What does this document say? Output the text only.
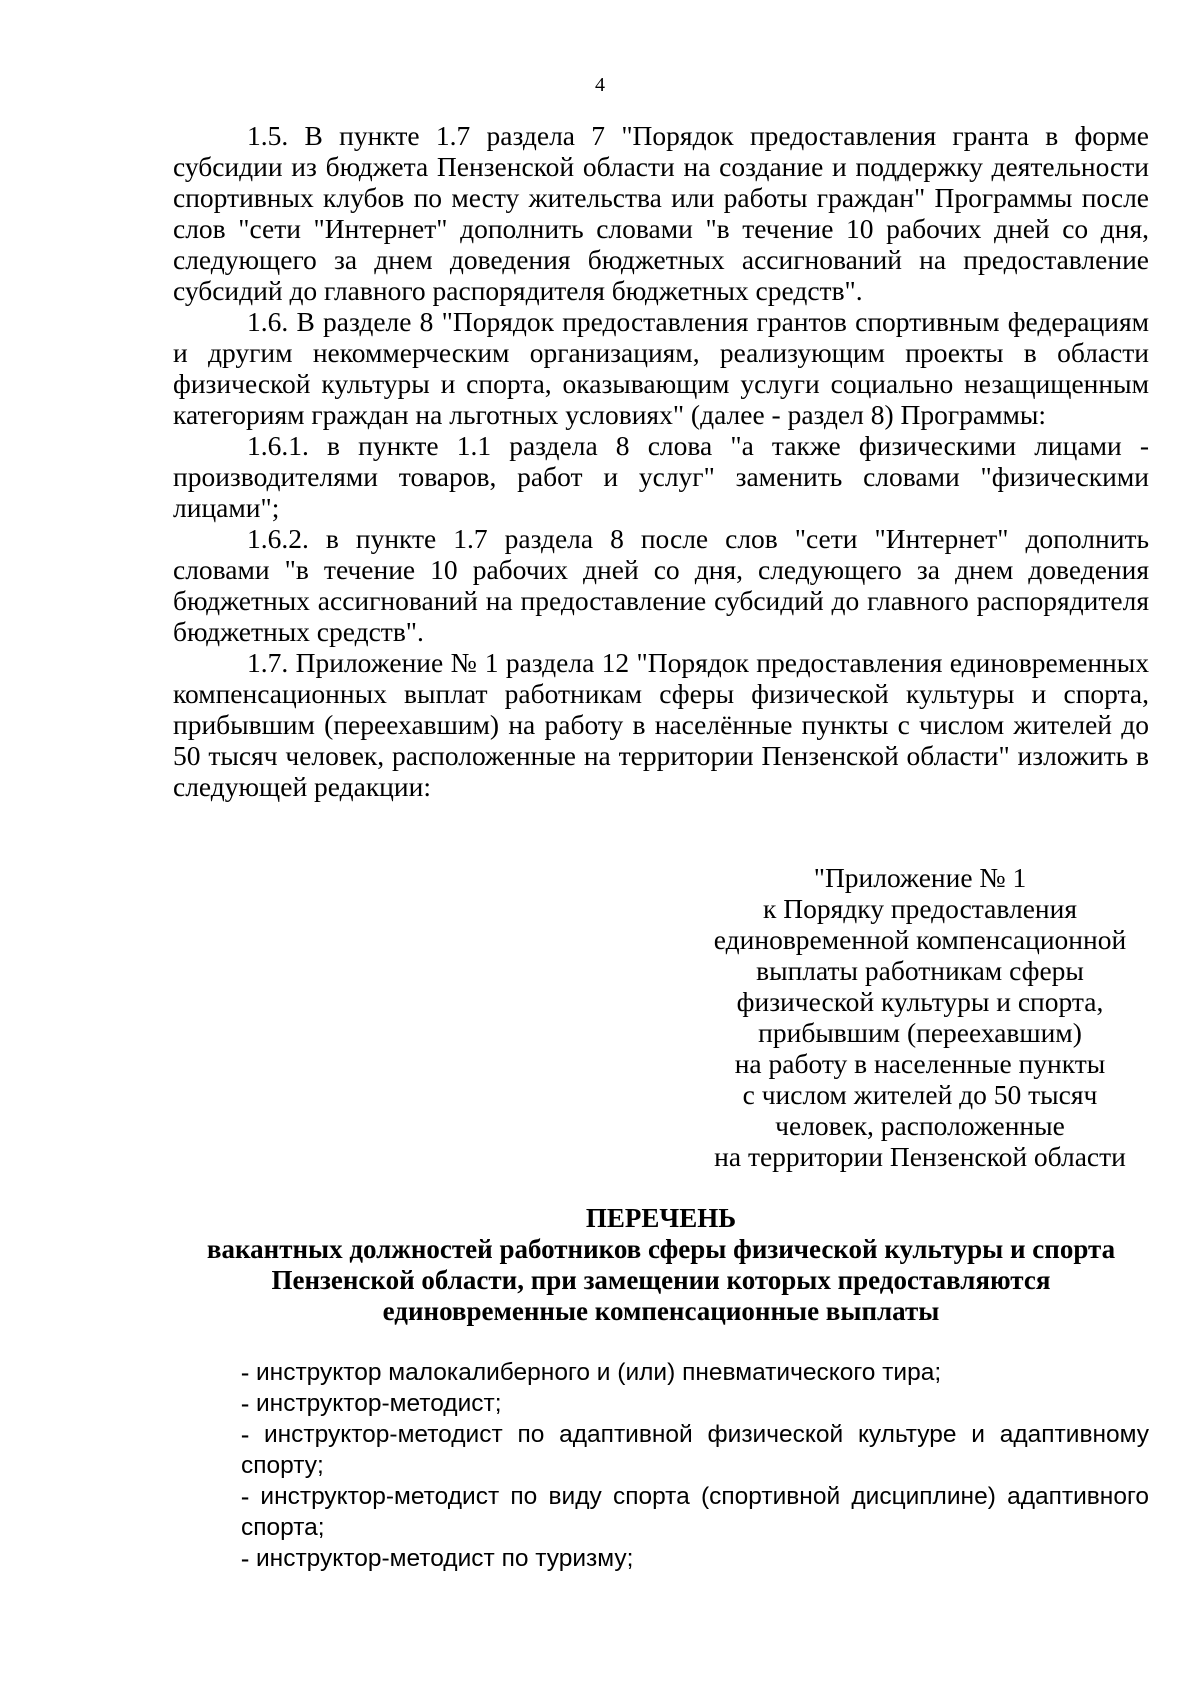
4

1.5. В пункте 1.7 раздела 7 "Порядок предоставления гранта в форме субсидии из бюджета Пензенской области на создание и поддержку деятельности спортивных клубов по месту жительства или работы граждан" Программы после слов "сети "Интернет" дополнить словами "в течение 10 рабочих дней со дня, следующего за днем доведения бюджетных ассигнований на предоставление субсидий до главного распорядителя бюджетных средств".

1.6. В разделе 8 "Порядок предоставления грантов спортивным федерациям и другим некоммерческим организациям, реализующим проекты в области физической культуры и спорта, оказывающим услуги социально незащищенным категориям граждан на льготных условиях" (далее - раздел 8) Программы:

1.6.1. в пункте 1.1 раздела 8 слова "а также физическими лицами - производителями товаров, работ и услуг" заменить словами "физическими лицами";

1.6.2. в пункте 1.7 раздела 8 после слов "сети "Интернет" дополнить словами "в течение 10 рабочих дней со дня, следующего за днем доведения бюджетных ассигнований на предоставление субсидий до главного распорядителя бюджетных средств".

1.7. Приложение № 1 раздела 12 "Порядок предоставления единовременных компенсационных выплат работникам сферы физической культуры и спорта, прибывшим (переехавшим) на работу в населённые пункты с числом жителей до 50 тысяч человек, расположенные на территории Пензенской области" изложить в следующей редакции:

"Приложение № 1
к Порядку предоставления
единовременной компенсационной
выплаты работникам сферы
физической культуры и спорта,
прибывшим (переехавшим)
на работу в населенные пункты
с числом жителей до 50 тысяч
человек, расположенные
на территории Пензенской области
ПЕРЕЧЕНЬ
вакантных должностей работников сферы физической культуры и спорта
Пензенской области, при замещении которых предоставляются
единовременные компенсационные выплаты

- инструктор малокалиберного и (или) пневматического тира;

- инструктор-методист;

- инструктор-методист по адаптивной физической культуре и адаптивному спорту;

- инструктор-методист по виду спорта (спортивной дисциплине) адаптивного спорта;

- инструктор-методист по туризму;
